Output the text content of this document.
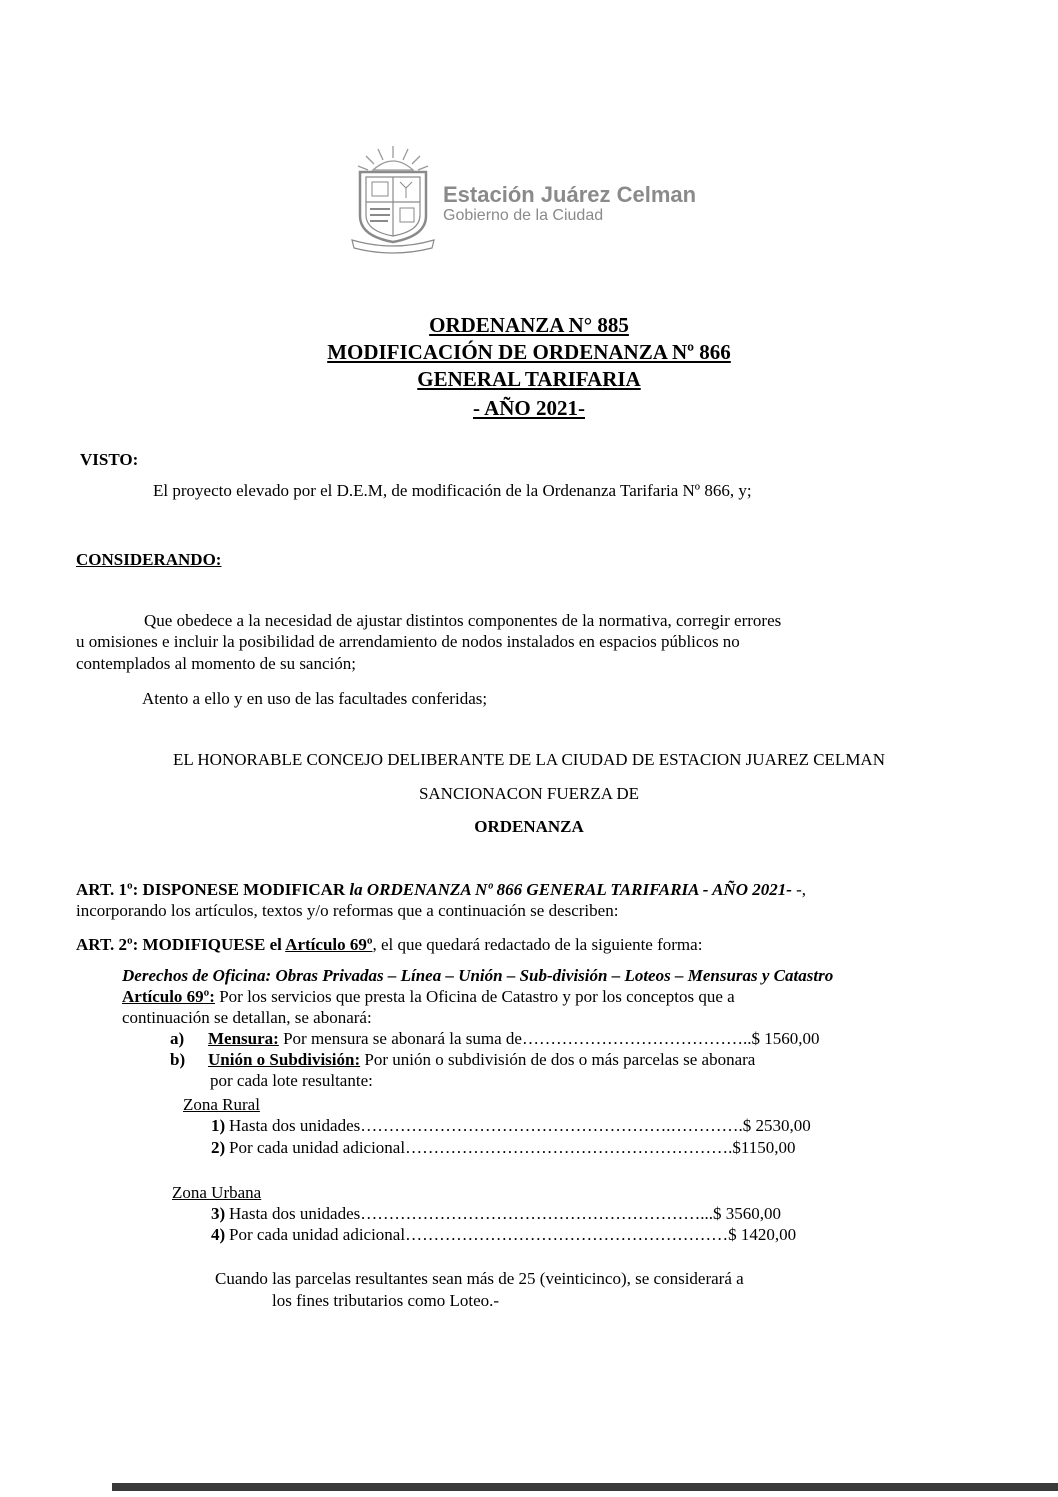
Estación Juárez Celman
Gobierno de la Ciudad
ORDENANZA N° 885
MODIFICACIÓN DE ORDENANZA Nº 866
GENERAL TARIFARIA
- AÑO 2021-
VISTO:
El proyecto elevado por el D.E.M, de modificación de la Ordenanza Tarifaria Nº 866, y;
CONSIDERANDO:
Que obedece a la necesidad de ajustar distintos componentes de la normativa, corregir errores
u omisiones e incluir la posibilidad de arrendamiento de nodos instalados en espacios públicos no
contemplados al momento de su sanción;
Atento a ello y en uso de las facultades conferidas;
EL HONORABLE CONCEJO DELIBERANTE DE LA CIUDAD DE ESTACION JUAREZ CELMAN
SANCIONACON FUERZA DE
ORDENANZA
ART. 1º: DISPONESE MODIFICAR la ORDENANZA Nº 866 GENERAL TARIFARIA - AÑO 2021- -,
incorporando los artículos, textos y/o reformas que a continuación se describen:
ART. 2º: MODIFIQUESE el Artículo 69º, el que quedará redactado de la siguiente forma:
Derechos de Oficina: Obras Privadas – Línea – Unión – Sub-división – Loteos – Mensuras y Catastro
Artículo 69º: Por los servicios que presta la Oficina de Catastro y por los conceptos que a
continuación se detallan, se abonará:
a) Mensura: Por mensura se abonará la suma de…………………………………..$ 1560,00
b) Unión o Subdivisión: Por unión o subdivisión de dos o más parcelas se abonara
por cada lote resultante:
Zona Rural
1) Hasta dos unidades……………………………………………….………….$ 2530,00
2) Por cada unidad adicional………………………………………………….$1150,00
Zona Urbana
3) Hasta dos unidades……………………………………………………...$ 3560,00
4) Por cada unidad adicional…………………………………………………$ 1420,00
Cuando las parcelas resultantes sean más de 25 (veinticinco), se considerará a
los fines tributarios como Loteo.-
